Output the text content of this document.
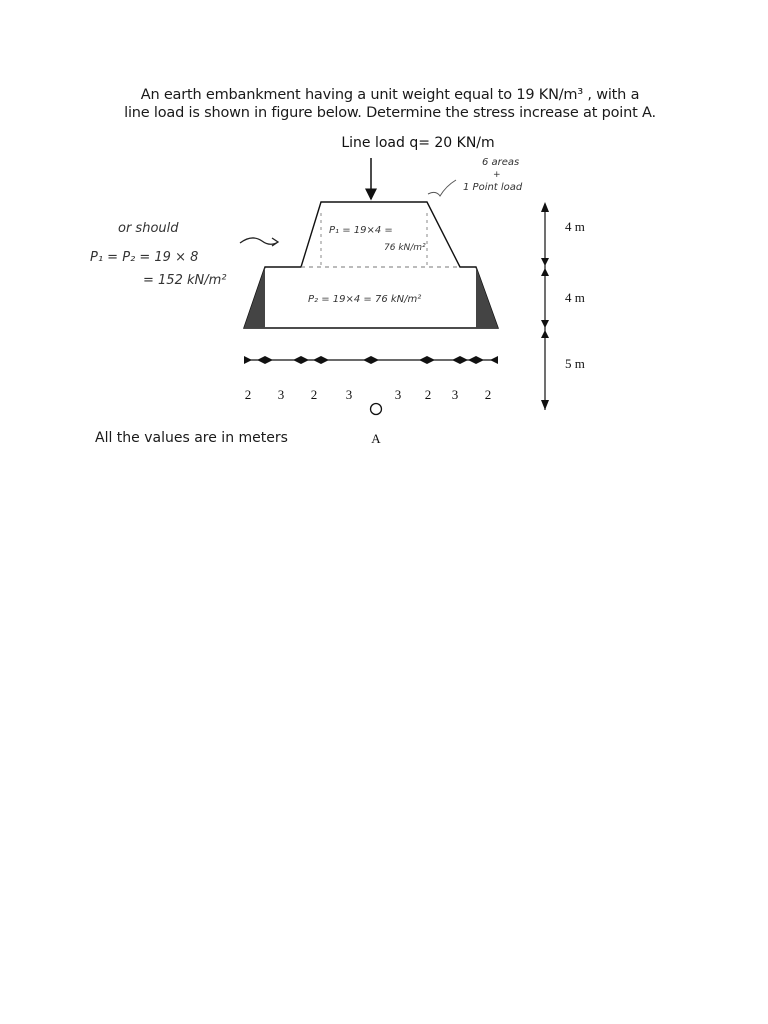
An earth embankment having a unit weight equal to 19 KN/m³ , with a
line load is shown in figure below. Determine the stress increase at point A.
Line load q= 20 KN/m
6 areas
+
1 Point load
or should
P₁ = P₂ = 19 × 8
= 152 kN/m²
P₁ = 19×4 =
76 kN/m²
P₂ = 19×4 = 76 kN/m²
4 m
4 m
5 m
2 3 2 3	3 2 3 2
A
All the values are in meters
